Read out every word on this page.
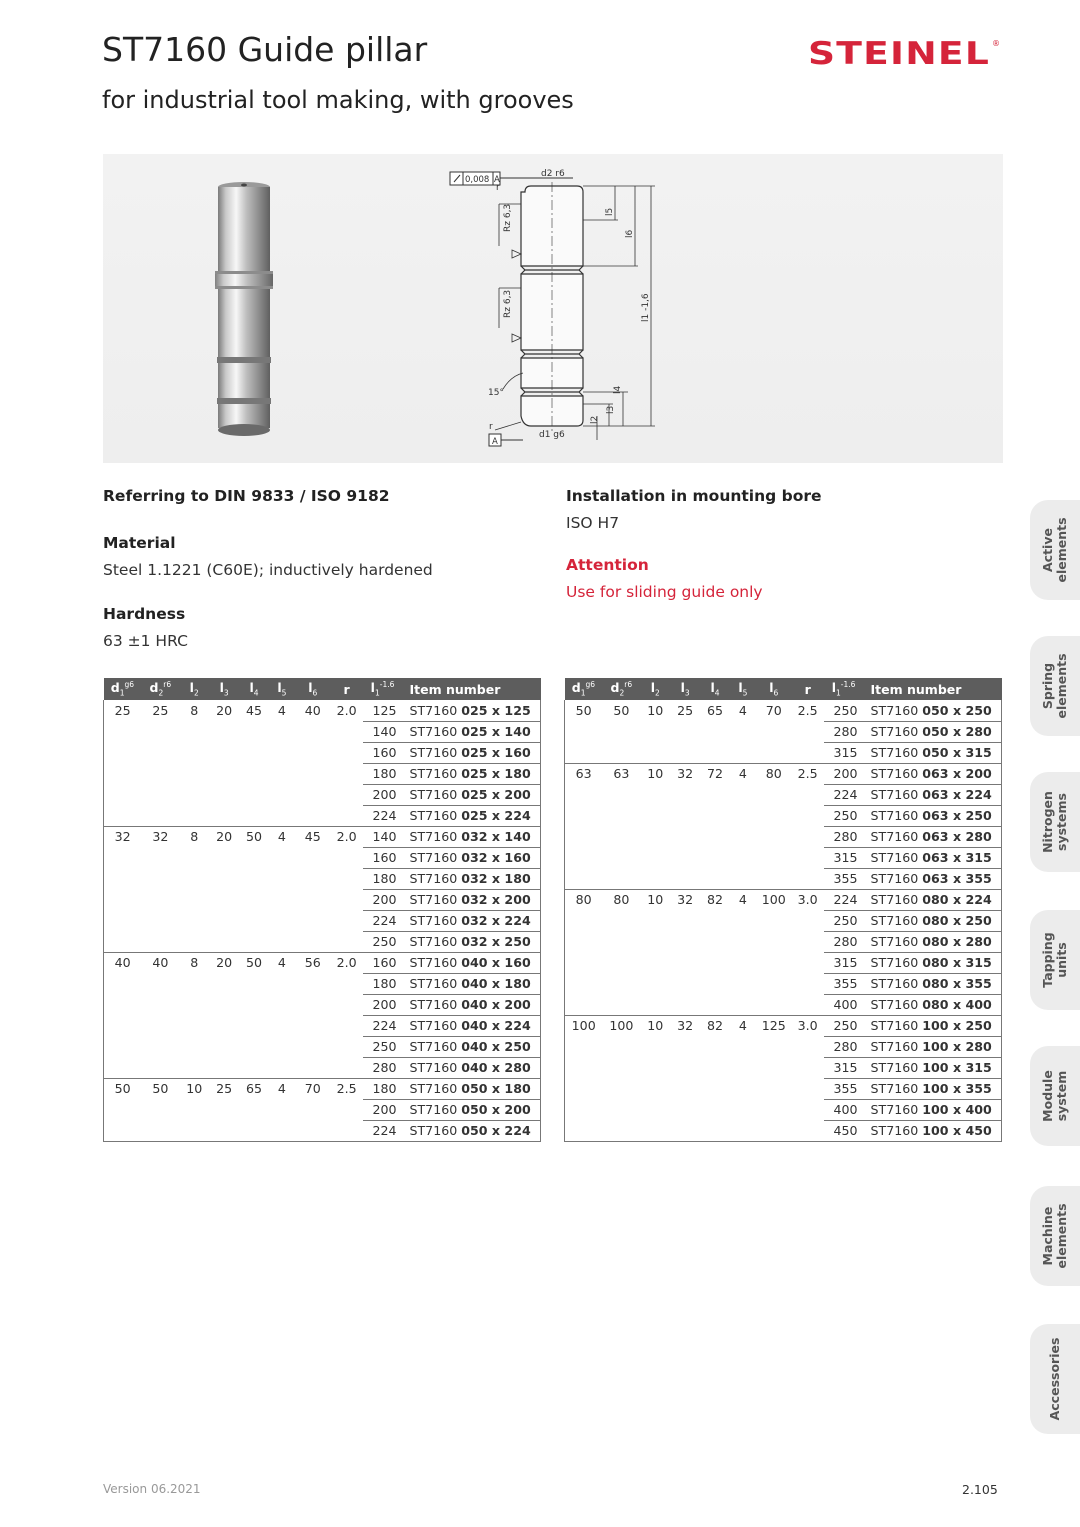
ST7160 Guide pillar
for industrial tool making, with grooves
STEINEL ®
0,008 A
d2 r6
Rz 6,3
Rz 6,3
15°
r
r
A
d1 g6
l5
l6
l1 -1,6
l4
l3
l2
Referring to DIN 9833 / ISO 9182
Material
Steel 1.1221 (C60E); inductively hardened
Hardness
63 ±1 HRC
Installation in mounting bore
ISO H7
Attention
Use for sliding guide only
$d_1^{g6}$	$d_2^{r6}$	$l_2$	$l_3$	$l_4$	$l_5$	$l_6$	r	$l_1^{-1.6}$	Item number
25	25	8	20	45	4	40	2.0	125	ST7160 025 x 125
								140	ST7160 025 x 140
								160	ST7160 025 x 160
								180	ST7160 025 x 180
								200	ST7160 025 x 200
								224	ST7160 025 x 224
32	32	8	20	50	4	45	2.0	140	ST7160 032 x 140
								160	ST7160 032 x 160
								180	ST7160 032 x 180
								200	ST7160 032 x 200
								224	ST7160 032 x 224
								250	ST7160 032 x 250
40	40	8	20	50	4	56	2.0	160	ST7160 040 x 160
								180	ST7160 040 x 180
								200	ST7160 040 x 200
								224	ST7160 040 x 224
								250	ST7160 040 x 250
								280	ST7160 040 x 280
50	50	10	25	65	4	70	2.5	180	ST7160 050 x 180
								200	ST7160 050 x 200
								224	ST7160 050 x 224
$d_1^{g6}$	$d_2^{r6}$	$l_2$	$l_3$	$l_4$	$l_5$	$l_6$	r	$l_1^{-1.6}$	Item number
50	50	10	25	65	4	70	2.5	250	ST7160 050 x 250
								280	ST7160 050 x 280
								315	ST7160 050 x 315
63	63	10	32	72	4	80	2.5	200	ST7160 063 x 200
								224	ST7160 063 x 224
								250	ST7160 063 x 250
								280	ST7160 063 x 280
								315	ST7160 063 x 315
								355	ST7160 063 x 355
80	80	10	32	82	4	100	3.0	224	ST7160 080 x 224
								250	ST7160 080 x 250
								280	ST7160 080 x 280
								315	ST7160 080 x 315
								355	ST7160 080 x 355
								400	ST7160 080 x 400
100	100	10	32	82	4	125	3.0	250	ST7160 100 x 250
								280	ST7160 100 x 280
								315	ST7160 100 x 315
								355	ST7160 100 x 355
								400	ST7160 100 x 400
								450	ST7160 100 x 450
Active elements
Spring elements
Nitrogen systems
Tapping units
Module system
Machine elements
Accessories
Version 06.2021	2.105
